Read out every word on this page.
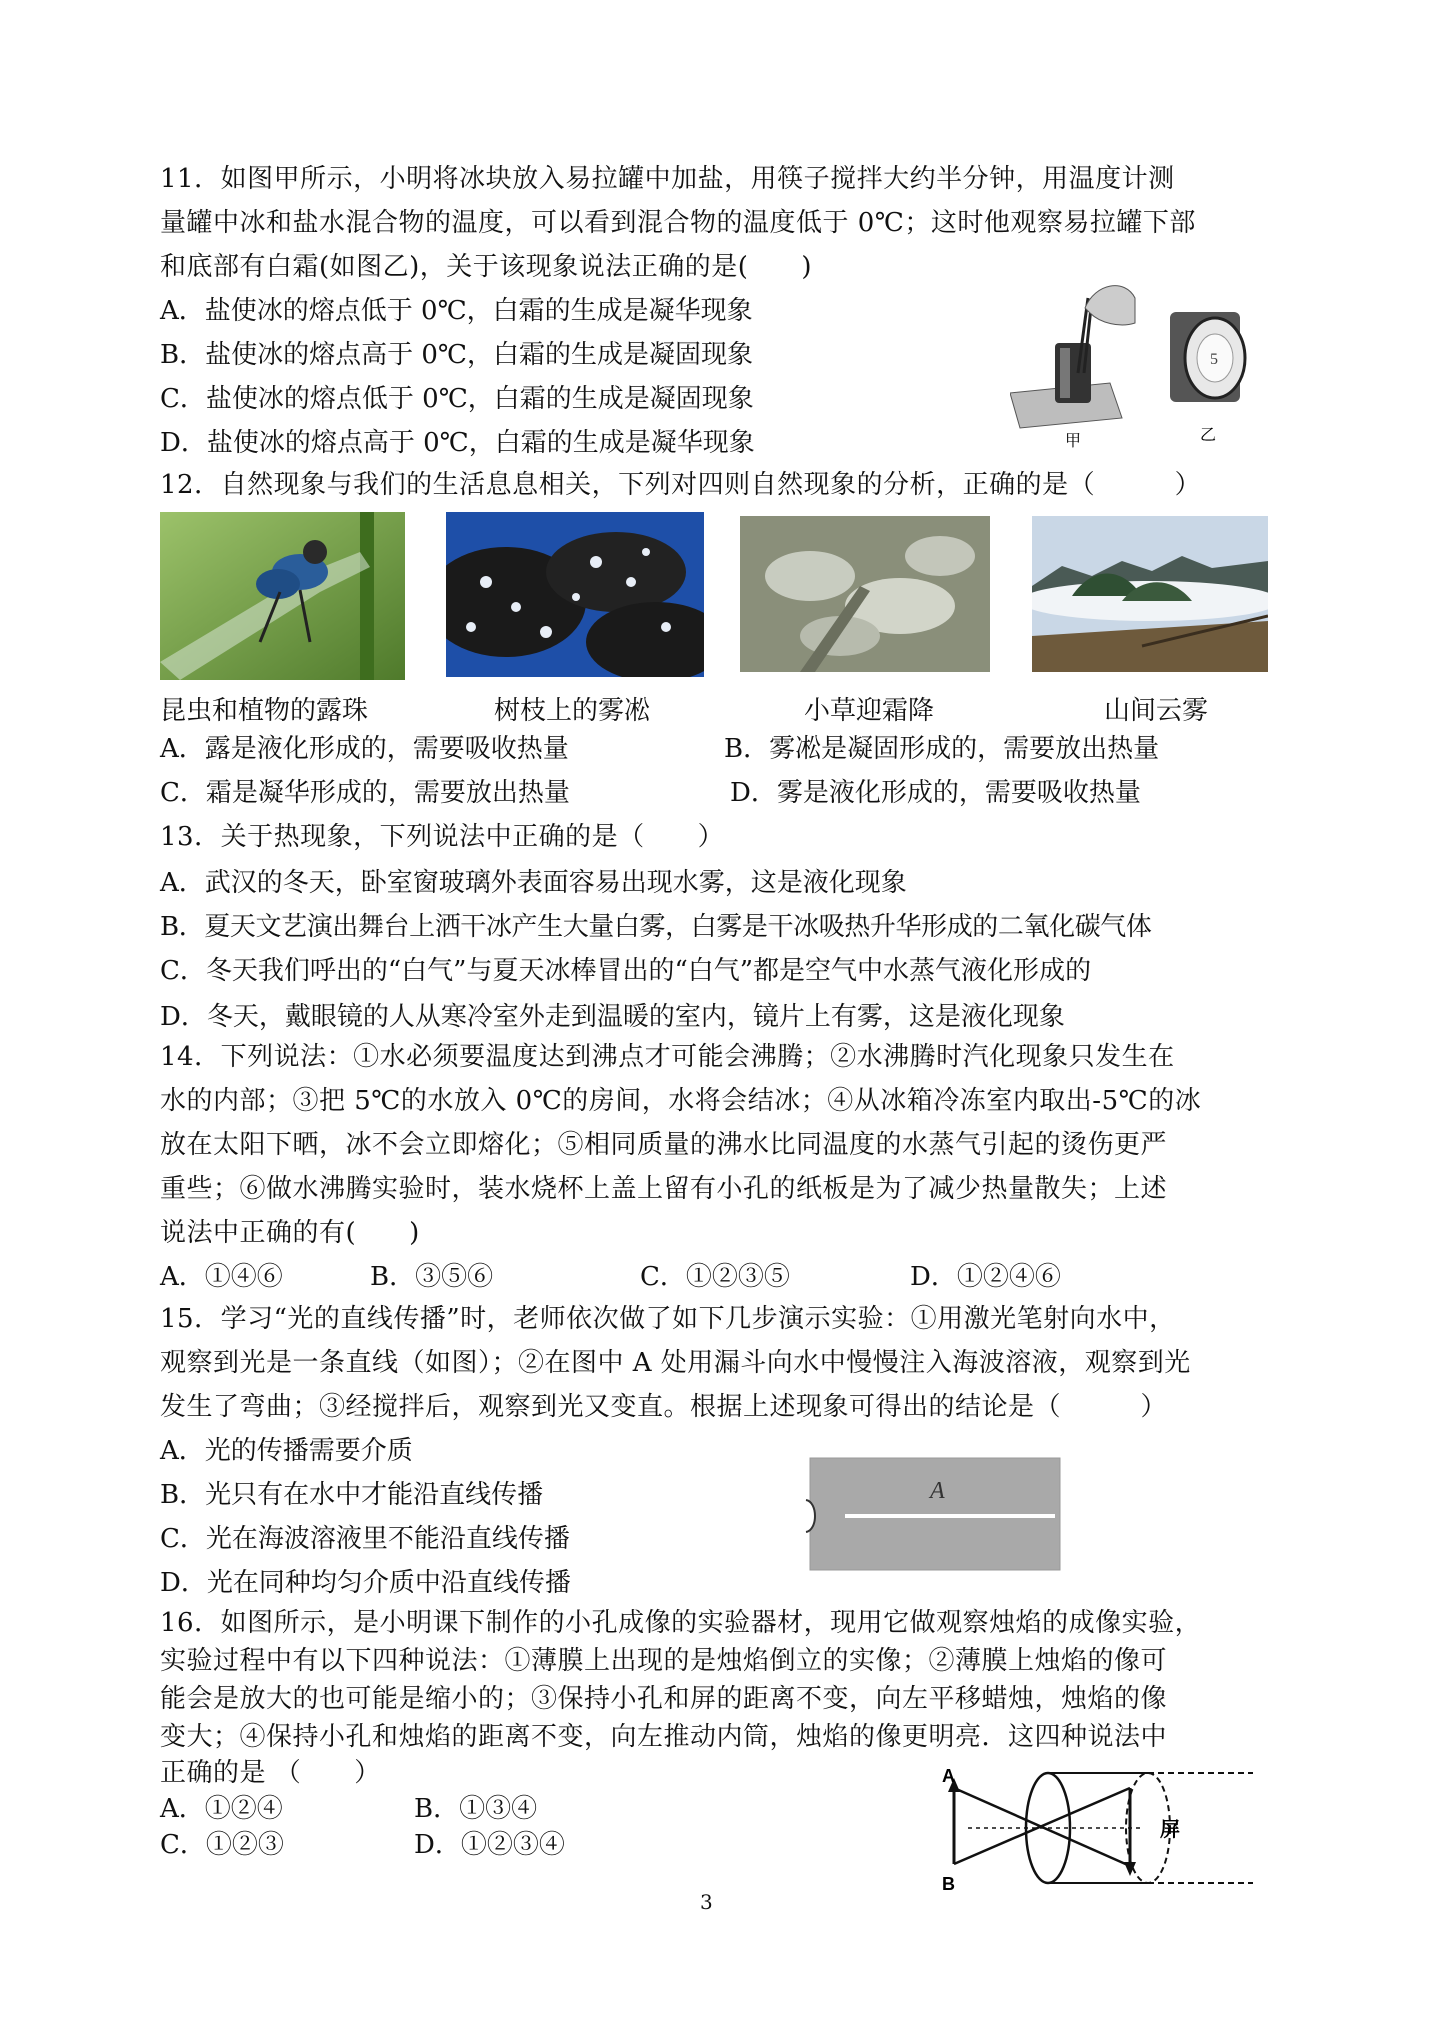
11．如图甲所示，小明将冰块放入易拉罐中加盐，用筷子搅拌大约半分钟，用温度计测
量罐中冰和盐水混合物的温度，可以看到混合物的温度低于 0℃；这时他观察易拉罐下部
和底部有白霜(如图乙)，关于该现象说法正确的是(　　)
A．盐使冰的熔点低于 0℃，白霜的生成是凝华现象
B．盐使冰的熔点高于 0℃，白霜的生成是凝固现象
C．盐使冰的熔点低于 0℃，白霜的生成是凝固现象
D．盐使冰的熔点高于 0℃，白霜的生成是凝华现象	甲
5
乙
12．自然现象与我们的生活息息相关，下列对四则自然现象的分析，正确的是（　　　）
昆虫和植物的露珠	树枝上的雾凇	小草迎霜降	山间云雾
A．露是液化形成的，需要吸收热量	B．雾凇是凝固形成的，需要放出热量
C．霜是凝华形成的，需要放出热量	D．雾是液化形成的，需要吸收热量
13．关于热现象，下列说法中正确的是（　　）
A．武汉的冬天，卧室窗玻璃外表面容易出现水雾，这是液化现象
B．夏天文艺演出舞台上洒干冰产生大量白雾，白雾是干冰吸热升华形成的二氧化碳气体
C．冬天我们呼出的“白气”与夏天冰棒冒出的“白气”都是空气中水蒸气液化形成的
D．冬天，戴眼镜的人从寒冷室外走到温暖的室内，镜片上有雾，这是液化现象
14．下列说法：①水必须要温度达到沸点才可能会沸腾；②水沸腾时汽化现象只发生在
水的内部；③把 5℃的水放入 0℃的房间，水将会结冰；④从冰箱冷冻室内取出-5℃的冰
放在太阳下晒，冰不会立即熔化；⑤相同质量的沸水比同温度的水蒸气引起的烫伤更严
重些；⑥做水沸腾实验时，装水烧杯上盖上留有小孔的纸板是为了减少热量散失；上述
说法中正确的有(　　)
A．①④⑥	B．③⑤⑥	C．①②③⑤	D．①②④⑥
15．学习“光的直线传播”时，老师依次做了如下几步演示实验：①用激光笔射向水中，
观察到光是一条直线（如图）；②在图中 A 处用漏斗向水中慢慢注入海波溶液，观察到光
发生了弯曲；③经搅拌后，观察到光又变直。根据上述现象可得出的结论是（　　　）
A．光的传播需要介质
B．光只有在水中才能沿直线传播
C．光在海波溶液里不能沿直线传播
D．光在同种均匀介质中沿直线传播
A
16．如图所示，是小明课下制作的小孔成像的实验器材，现用它做观察烛焰的成像实验，
实验过程中有以下四种说法：①薄膜上出现的是烛焰倒立的实像；②薄膜上烛焰的像可
能会是放大的也可能是缩小的；③保持小孔和屏的距离不变，向左平移蜡烛，烛焰的像
变大；④保持小孔和烛焰的距离不变，向左推动内筒，烛焰的像更明亮．这四种说法中
正确的是 （　　）
A．①②④	B．①③④
C．①②③	D．①②③④
A
B
屏
3
